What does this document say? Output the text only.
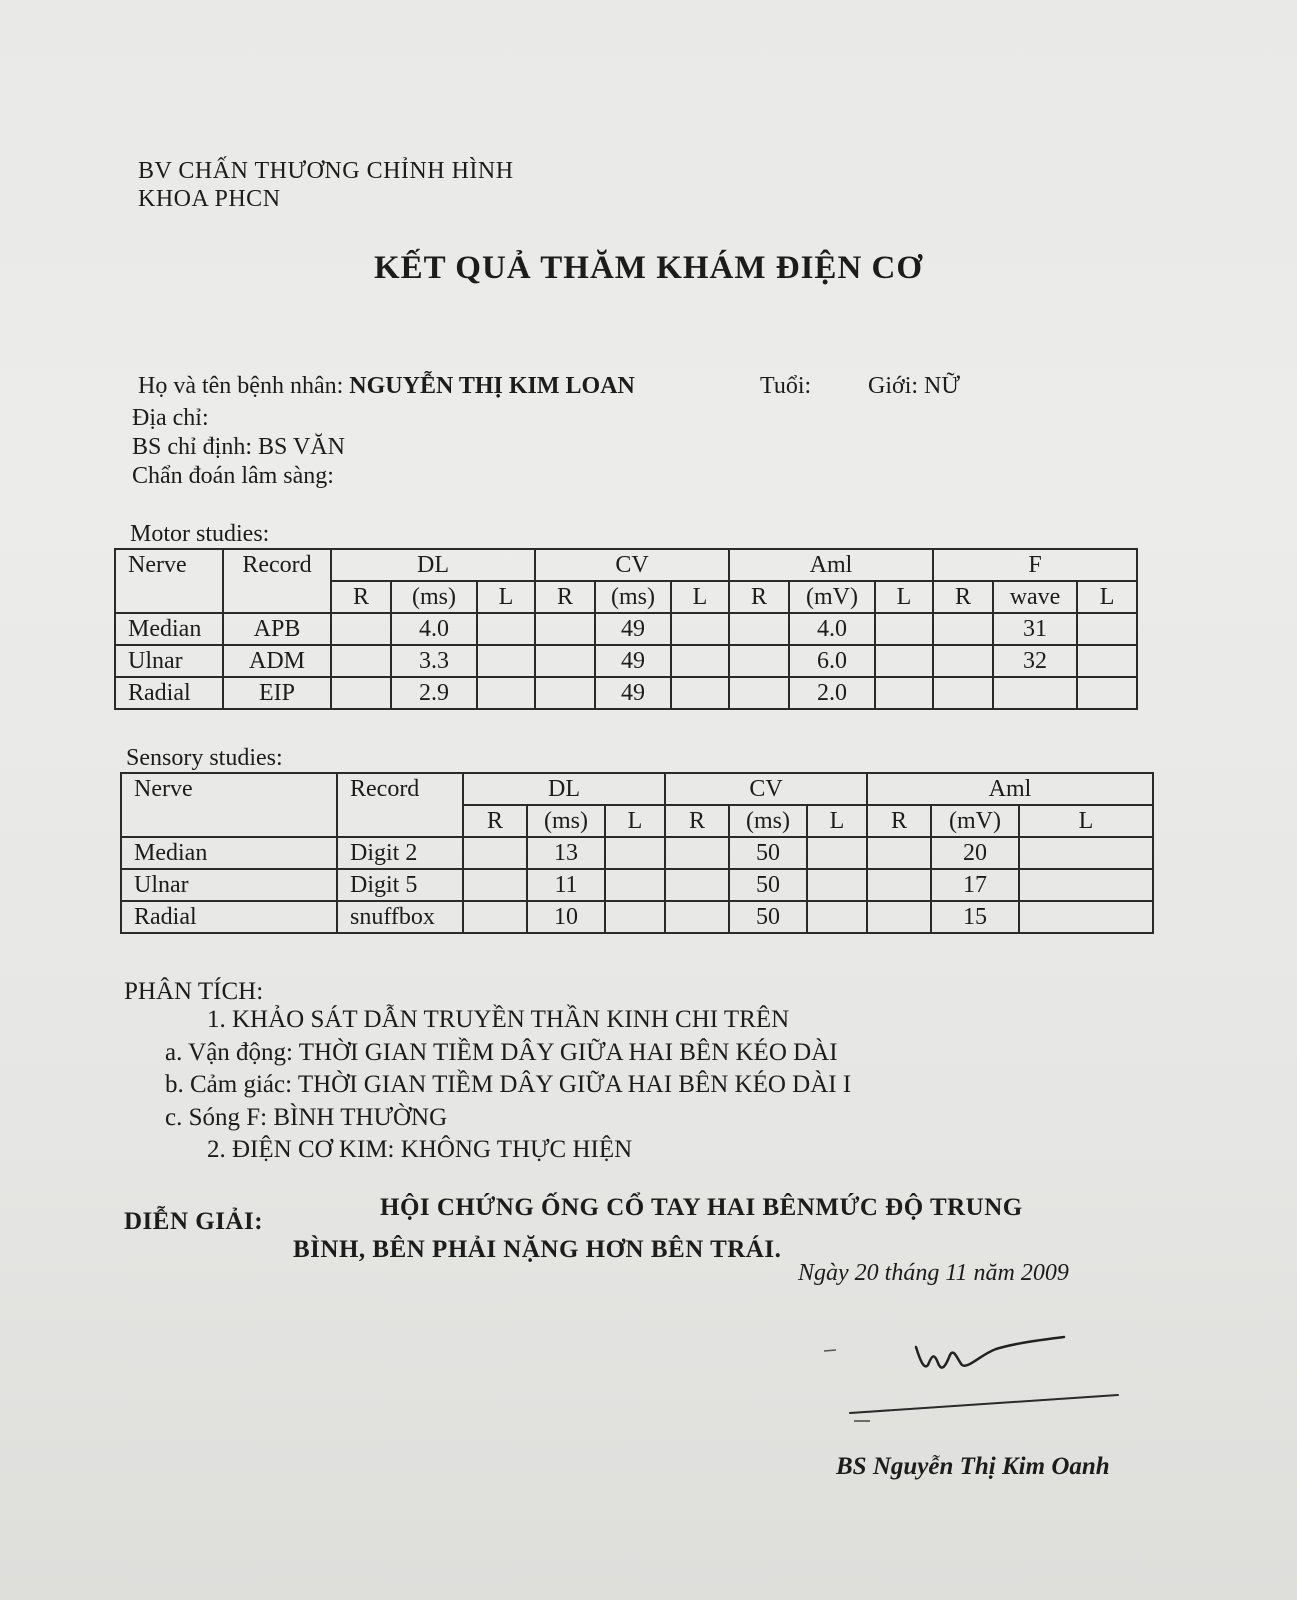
BV CHẤN THƯƠNG CHỈNH HÌNH
KHOA PHCN
KẾT QUẢ THĂM KHÁM ĐIỆN CƠ
Họ và tên bệnh nhân: NGUYỄN THỊ KIM LOAN	Tuổi: Giới: NỮ
Địa chỉ:
BS chỉ định: BS VĂN
Chẩn đoán lâm sàng:
Motor studies:
Nerve	Record	DL			CV			Aml			F		
		R	(ms)	L	R	(ms)	L	R	(mV)	L	R	wave	L
Median	APB		4.0			49			4.0			31	
Ulnar	ADM		3.3			49			6.0			32	
Radial	EIP		2.9			49			2.0				
Sensory studies:
Nerve	Record	DL			CV			Aml		
		R	(ms)	L	R	(ms)	L	R	(mV)	L
Median	Digit 2		13			50			20	
Ulnar	Digit 5		11			50			17	
Radial	snuffbox		10			50			15	
PHÂN TÍCH:
1. KHẢO SÁT DẪN TRUYỀN THẦN KINH CHI TRÊN
a. Vận động: THỜI GIAN TIỀM DÂY GIỮA HAI BÊN KÉO DÀI
b. Cảm giác: THỜI GIAN TIỀM DÂY GIỮA HAI BÊN KÉO DÀI I
c. Sóng F: BÌNH THƯỜNG
2. ĐIỆN CƠ KIM: KHÔNG THỰC HIỆN
DIỄN GIẢI:
HỘI CHỨNG ỐNG CỔ TAY HAI BÊNMỨC ĐỘ TRUNG
BÌNH, BÊN PHẢI NẶNG HƠN BÊN TRÁI.
Ngày 20 tháng 11 năm 2009
BS Nguyễn Thị Kim Oanh
